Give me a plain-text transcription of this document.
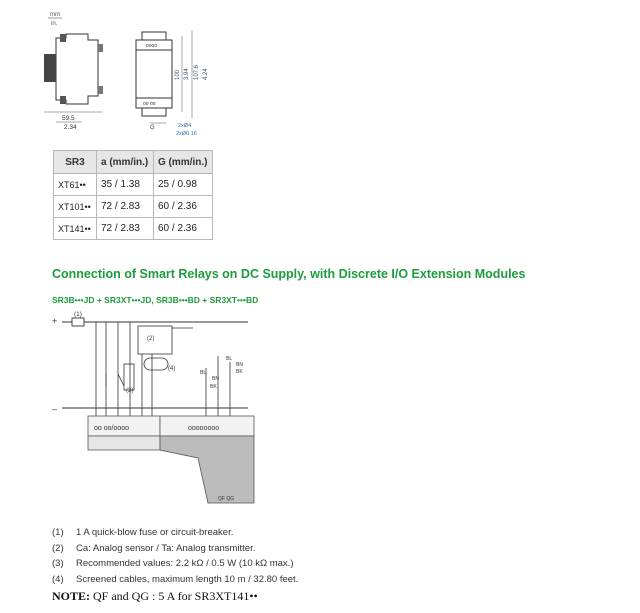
mm
in.
59.5
2.34
oooo
oo oo
100 3.94 107.6 4.24
G	2xØ4
2xØ0.16
SR3	a (mm/in.)	G (mm/in.)
XT61••	35 / 1.38	25 / 0.98
XT101••	72 / 2.83	60 / 2.36
XT141••	72 / 2.83	60 / 2.36
Connection of Smart Relays on DC Supply, with Discrete I/O Extension Modules
SR3B•••JD + SR3XT•••JD, SR3B•••BD + SR3XT•••BD
+
–
(1)
(2)
(3)
(4)
BL
BN
BK
BL
BN
BK
oo oo/oooo	oooooooo
QF QG
(1) 1 A quick-blow fuse or circuit-breaker.
(2) Ca: Analog sensor / Ta: Analog transmitter.
(3) Recommended values: 2.2 kΩ / 0.5 W (10 kΩ max.)
(4) Screened cables, maximum length 10 m / 32.80 feet.
NOTE: QF and QG : 5 A for SR3XT141••
